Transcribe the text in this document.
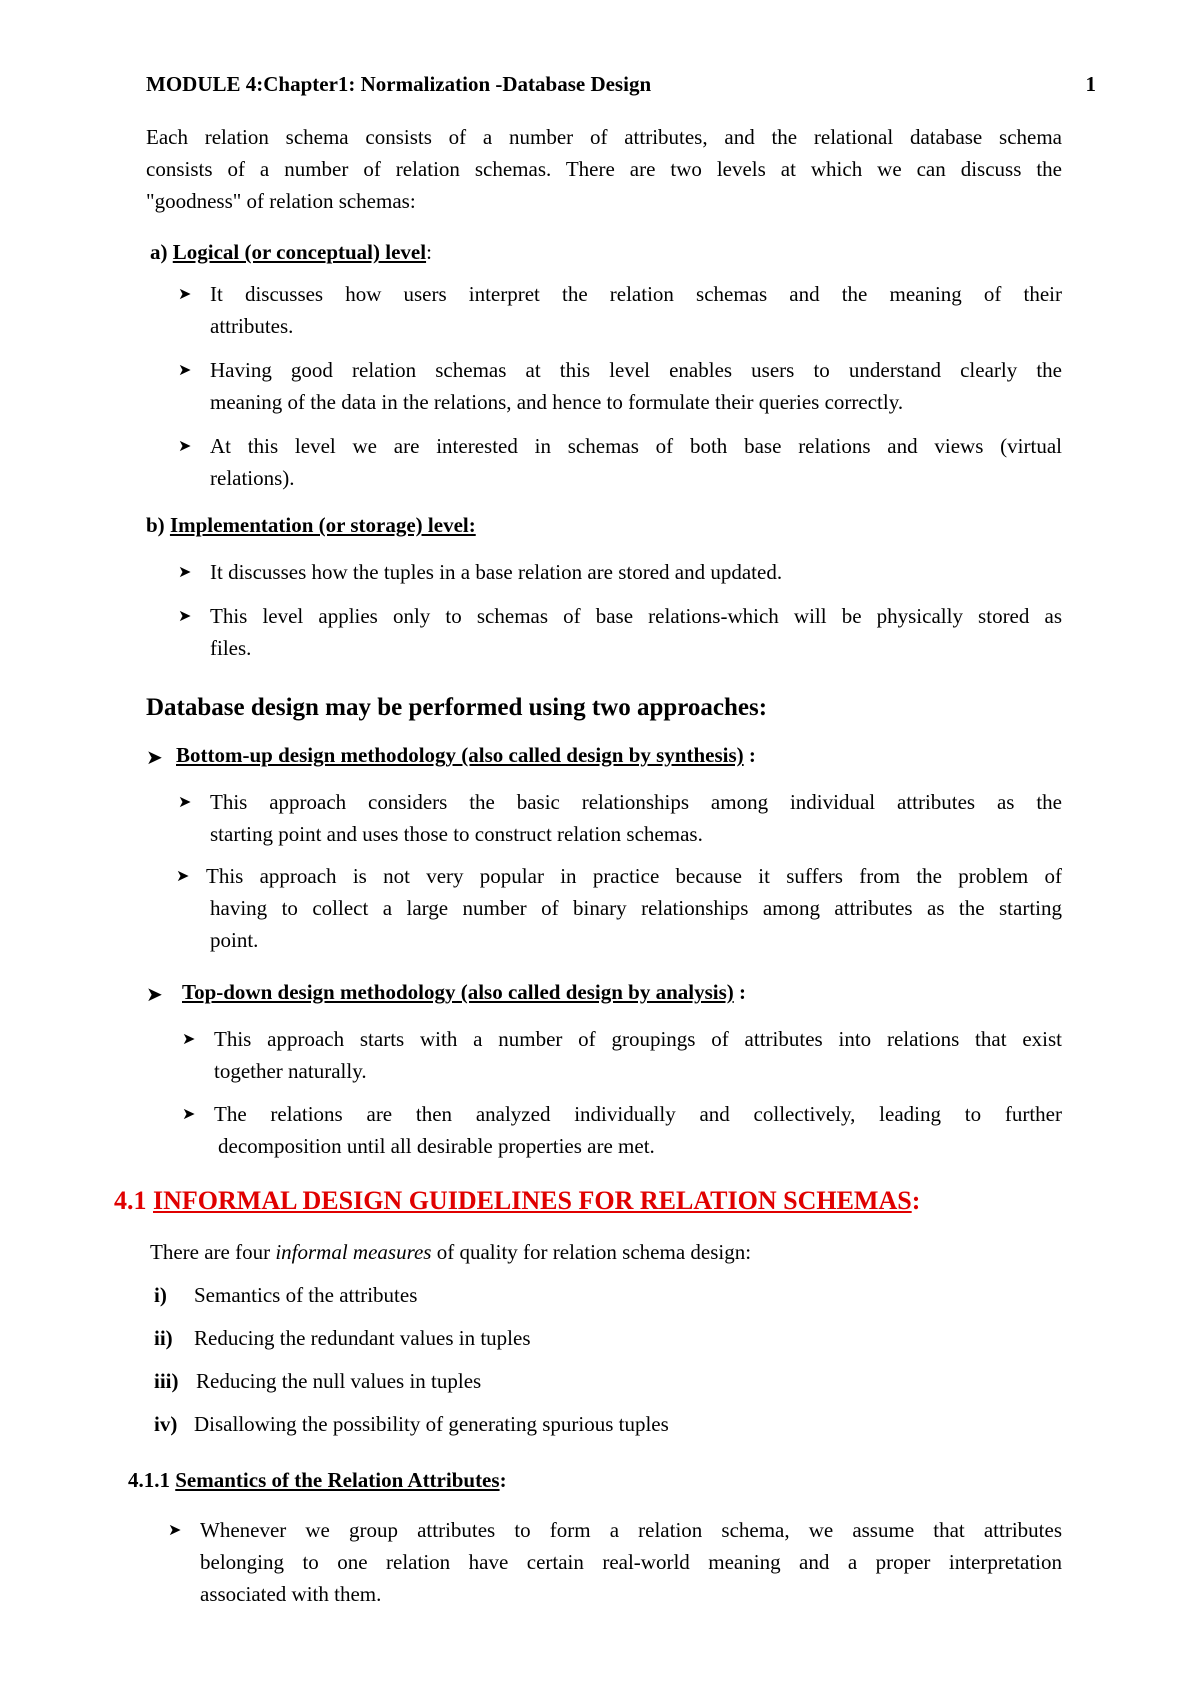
MODULE 4:Chapter1: Normalization -Database Design	1
Each relation schema consists of a number of attributes, and the relational database schema
consists of a number of relation schemas. There are two levels at which we can discuss the
"goodness" of relation schemas:
a) Logical (or conceptual) level:
➤ It discusses how users interpret the relation schemas and the meaning of their
attributes.
➤ Having good relation schemas at this level enables users to understand clearly the
meaning of the data in the relations, and hence to formulate their queries correctly.
➤ At this level we are interested in schemas of both base relations and views (virtual
relations).
b) Implementation (or storage) level:
➤ It discusses how the tuples in a base relation are stored and updated.
➤ This level applies only to schemas of base relations-which will be physically stored as
files.
Database design may be performed using two approaches:
➤ Bottom-up design methodology (also called design by synthesis) :
➤ This approach considers the basic relationships among individual attributes as the
starting point and uses those to construct relation schemas.
➤ This approach is not very popular in practice because it suffers from the problem of
having to collect a large number of binary relationships among attributes as the starting
point.
➤ Top-down design methodology (also called design by analysis) :
➤ This approach starts with a number of groupings of attributes into relations that exist
together naturally.
➤ The relations are then analyzed individually and collectively, leading to further
decomposition until all desirable properties are met.
4.1 INFORMAL DESIGN GUIDELINES FOR RELATION SCHEMAS:
There are four informal measures of quality for relation schema design:
i) Semantics of the attributes
ii) Reducing the redundant values in tuples
iii) Reducing the null values in tuples
iv) Disallowing the possibility of generating spurious tuples
4.1.1 Semantics of the Relation Attributes:
➤ Whenever we group attributes to form a relation schema, we assume that attributes
belonging to one relation have certain real-world meaning and a proper interpretation
associated with them.
